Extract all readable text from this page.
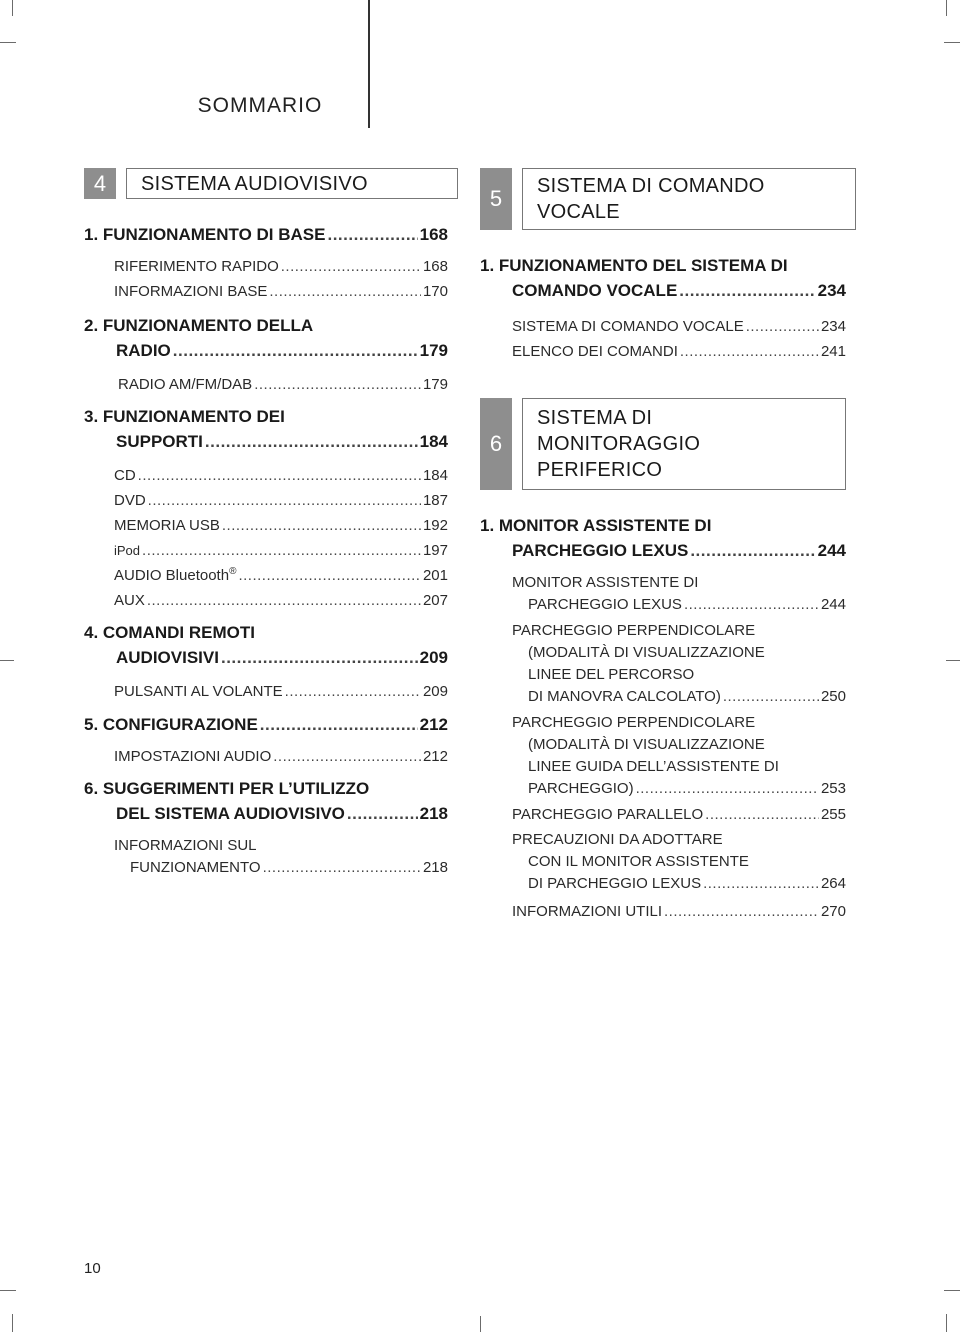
SOMMARIO
4	SISTEMA AUDIOVISIVO
1. FUNZIONAMENTO DI BASE .....	168
RIFERIMENTO RAPIDO .....	168
INFORMAZIONI BASE .....	170
2. FUNZIONAMENTO DELLA
RADIO .....	179
RADIO AM/FM/DAB .....	179
3. FUNZIONAMENTO DEI
SUPPORTI .....	184
CD .....	184
DVD .....	187
MEMORIA USB .....	192
iPod .....	197
AUDIO Bluetooth® .....	201
AUX .....	207
4. COMANDI REMOTI
AUDIOVISIVI .....	209
PULSANTI AL VOLANTE .....	209
5. CONFIGURAZIONE .....	212
IMPOSTAZIONI AUDIO .....	212
6. SUGGERIMENTI PER L’UTILIZZO
DEL SISTEMA AUDIOVISIVO .....	218
INFORMAZIONI SUL
FUNZIONAMENTO .....	218
5	SISTEMA DI COMANDO
VOCALE
1. FUNZIONAMENTO DEL SISTEMA DI
COMANDO VOCALE .....	234
SISTEMA DI COMANDO VOCALE .....	234
ELENCO DEI COMANDI .....	241
6
SISTEMA DI
MONITORAGGIO
PERIFERICO
1. MONITOR ASSISTENTE DI
PARCHEGGIO LEXUS .....	244
MONITOR ASSISTENTE DI
PARCHEGGIO LEXUS .....	244
PARCHEGGIO PERPENDICOLARE
(MODALITÀ DI VISUALIZZAZIONE
LINEE DEL PERCORSO
DI MANOVRA CALCOLATO) .....	250
PARCHEGGIO PERPENDICOLARE
(MODALITÀ DI VISUALIZZAZIONE
LINEE GUIDA DELL’ASSISTENTE DI
PARCHEGGIO) .....	253
PARCHEGGIO PARALLELO .....	255
PRECAUZIONI DA ADOTTARE
CON IL MONITOR ASSISTENTE
DI PARCHEGGIO LEXUS .....	264
INFORMAZIONI UTILI .....	270
10
